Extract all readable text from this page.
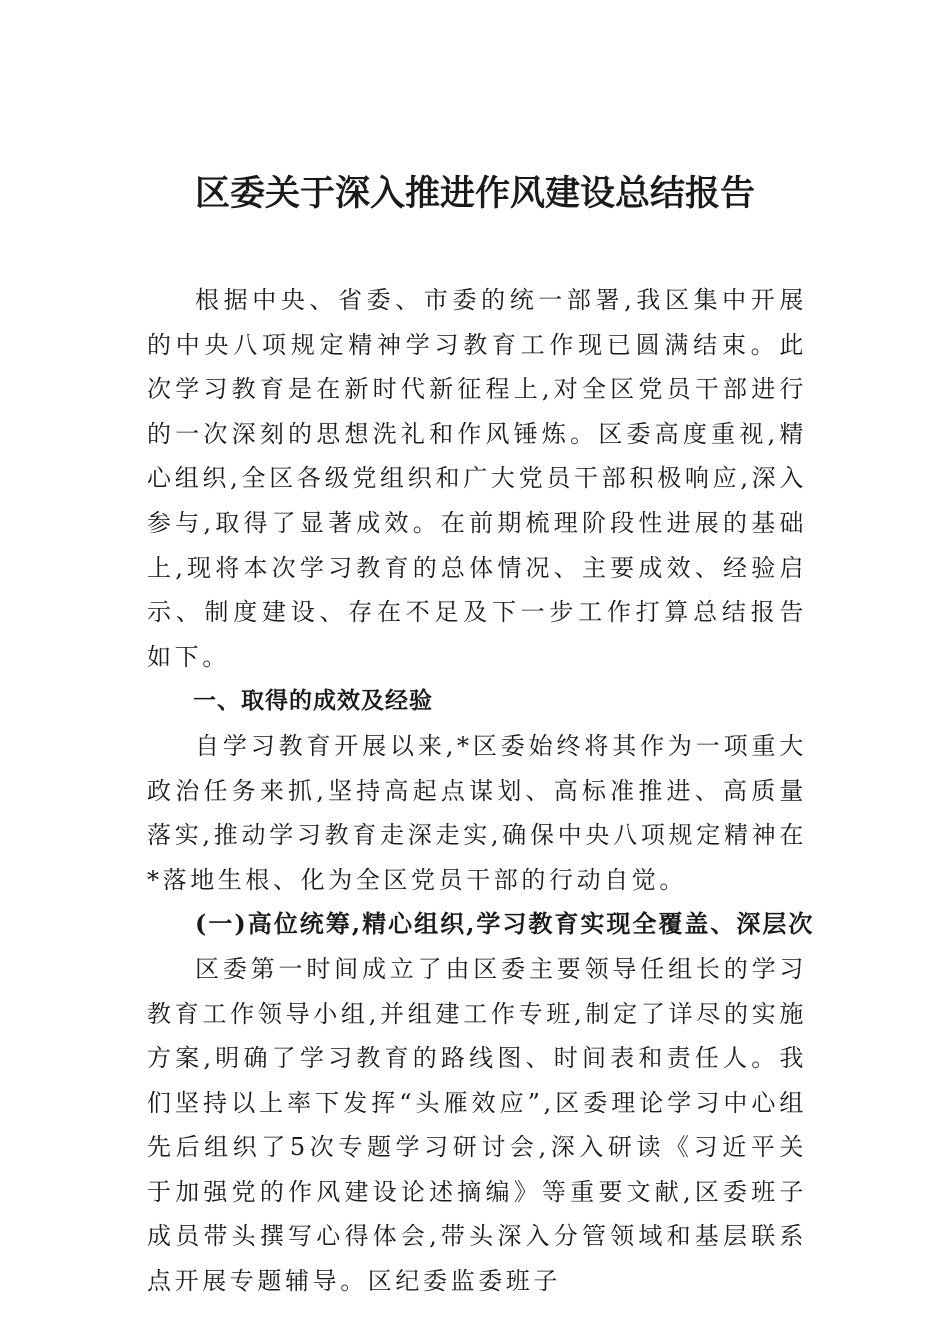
区委关于深入推进作风建设总结报告

根据中央、省委、市委的统一部署,我区集中开展的中央八项规定精神学习教育工作现已圆满结束。此次学习教育是在新时代新征程上,对全区党员干部进行的一次深刻的思想洗礼和作风锤炼。区委高度重视,精心组织,全区各级党组织和广大党员干部积极响应,深入参与,取得了显著成效。在前期梳理阶段性进展的基础上,现将本次学习教育的总体情况、主要成效、经验启示、制度建设、存在不足及下一步工作打算总结报告如下。

一、取得的成效及经验

自学习教育开展以来,*区委始终将其作为一项重大政治任务来抓,坚持高起点谋划、高标准推进、高质量落实,推动学习教育走深走实,确保中央八项规定精神在*落地生根、化为全区党员干部的行动自觉。

(一)高位统筹,精心组织,学习教育实现全覆盖、深层次

区委第一时间成立了由区委主要领导任组长的学习教育工作领导小组,并组建工作专班,制定了详尽的实施方案,明确了学习教育的路线图、时间表和责任人。我们坚持以上率下发挥“头雁效应”,区委理论学习中心组先后组织了5次专题学习研讨会,深入研读《习近平关于加强党的作风建设论述摘编》等重要文献,区委班子成员带头撰写心得体会,带头深入分管领域和基层联系点开展专题辅导。区纪委监委班子
